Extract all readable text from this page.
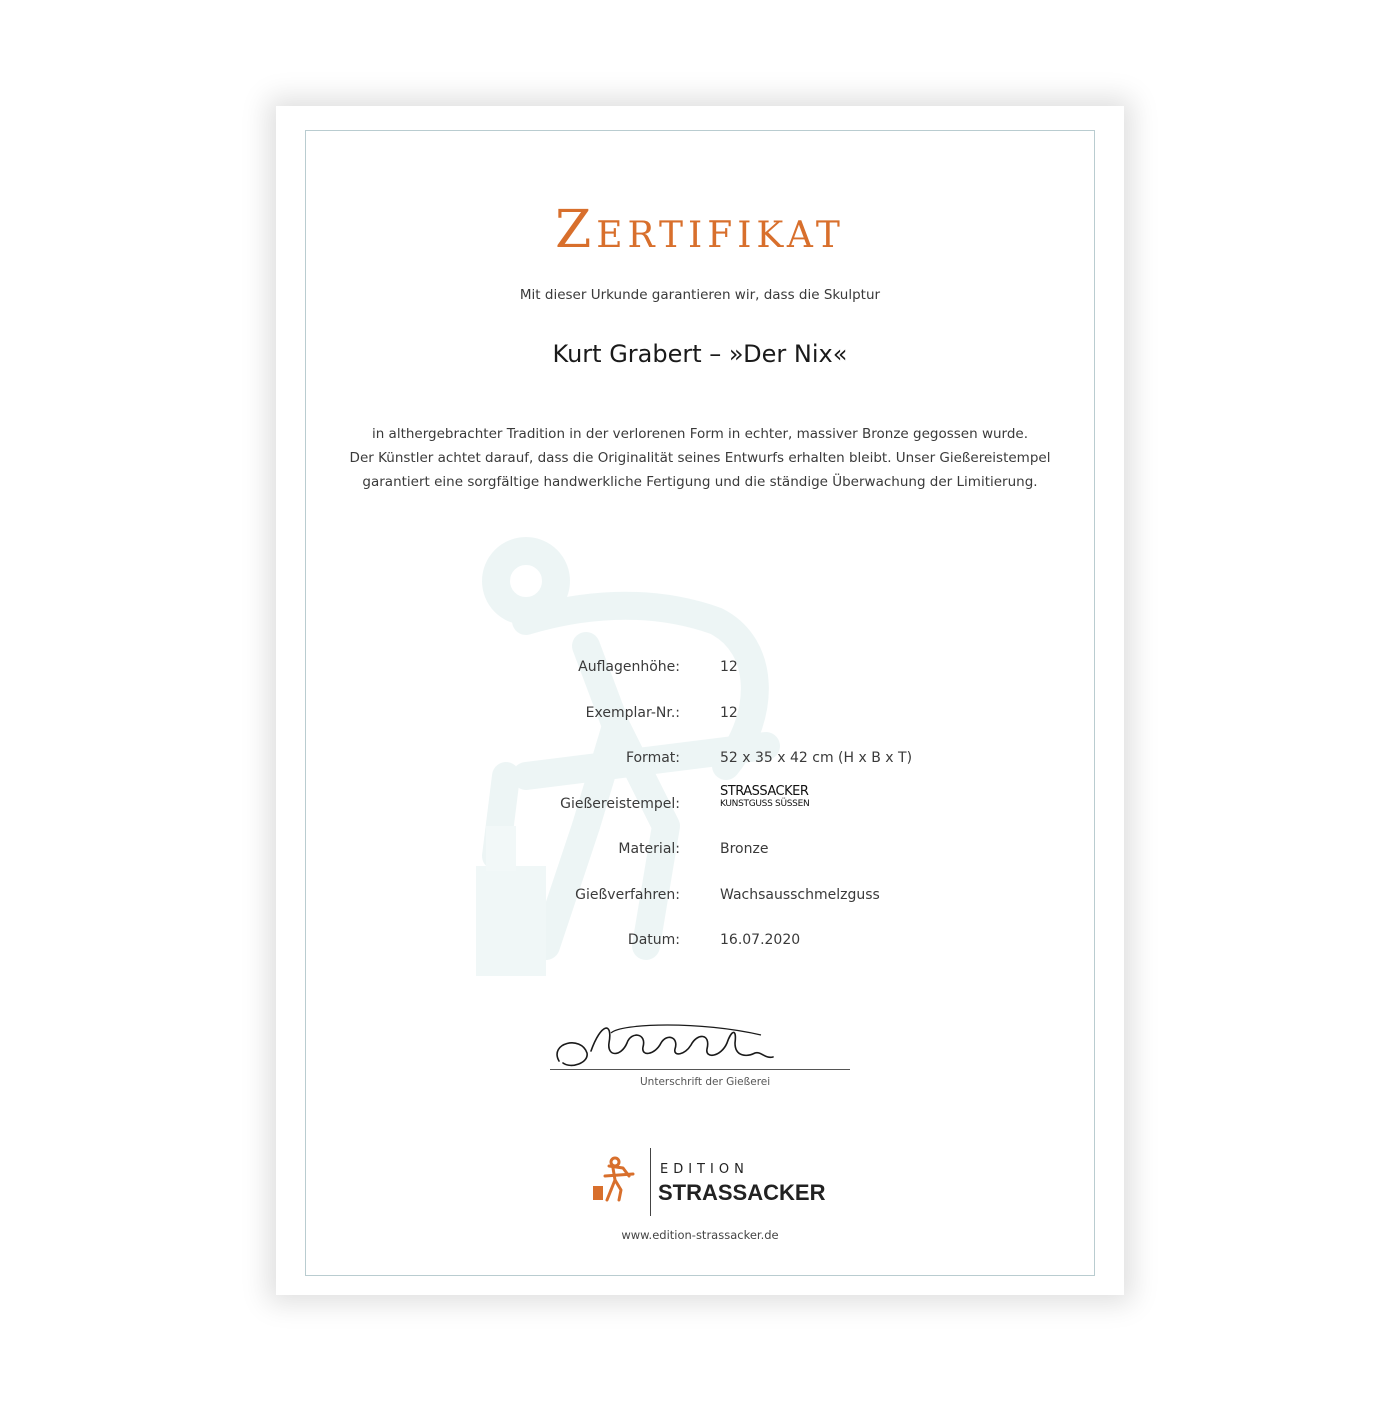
Zertifikat
Mit dieser Urkunde garantieren wir, dass die Skulptur
Kurt Grabert – »Der Nix«
in althergebrachter Tradition in der verlorenen Form in echter, massiver Bronze gegossen wurde.
Der Künstler achtet darauf, dass die Originalität seines Entwurfs erhalten bleibt. Unser Gießereistempel
garantiert eine sorgfältige handwerkliche Fertigung und die ständige Überwachung der Limitierung.
Auflagenhöhe:	12
Exemplar-Nr.:	12
Format:	52 x 35 x 42 cm (H x B x T)
Gießereistempel:
STRASSACKER
KUNSTGUSS SÜSSEN
Material:	Bronze
Gießverfahren:	Wachsausschmelzguss
Datum:	16.07.2020
Unterschrift der Gießerei
EDITION
STRASSACKER
www.edition-strassacker.de
